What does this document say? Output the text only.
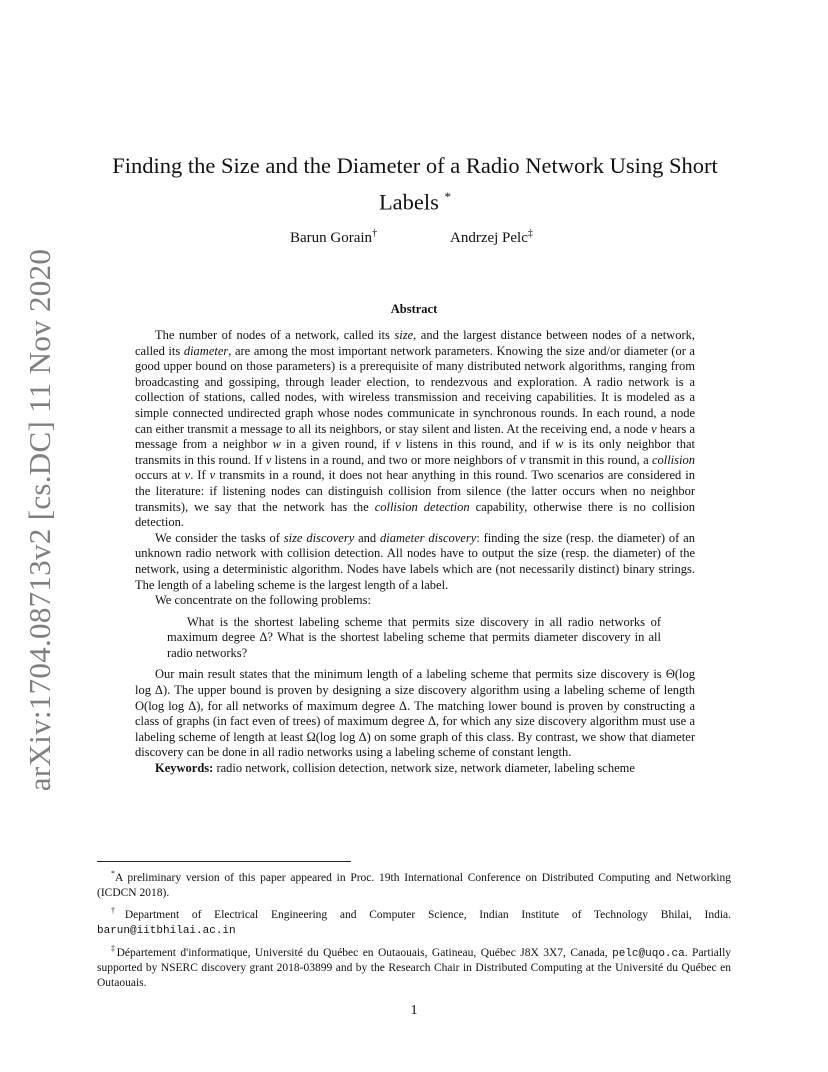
arXiv:1704.08713v2 [cs.DC] 11 Nov 2020
Finding the Size and the Diameter of a Radio Network Using Short Labels *
Barun Gorain†	Andrzej Pelc‡
Abstract

The number of nodes of a network, called its size, and the largest distance between nodes of a network, called its diameter, are among the most important network parameters. Knowing the size and/or diameter (or a good upper bound on those parameters) is a prerequisite of many distributed network algorithms, ranging from broadcasting and gossiping, through leader election, to rendezvous and exploration. A radio network is a collection of stations, called nodes, with wireless transmission and receiving capabilities. It is modeled as a simple connected undirected graph whose nodes communicate in synchronous rounds. In each round, a node can either transmit a message to all its neighbors, or stay silent and listen. At the receiving end, a node v hears a message from a neighbor w in a given round, if v listens in this round, and if w is its only neighbor that transmits in this round. If v listens in a round, and two or more neighbors of v transmit in this round, a collision occurs at v. If v transmits in a round, it does not hear anything in this round. Two scenarios are considered in the literature: if listening nodes can distinguish collision from silence (the latter occurs when no neighbor transmits), we say that the network has the collision detection capability, otherwise there is no collision detection.

We consider the tasks of size discovery and diameter discovery: finding the size (resp. the diameter) of an unknown radio network with collision detection. All nodes have to output the size (resp. the diameter) of the network, using a deterministic algorithm. Nodes have labels which are (not necessarily distinct) binary strings. The length of a labeling scheme is the largest length of a label.

We concentrate on the following problems:

What is the shortest labeling scheme that permits size discovery in all radio networks of maximum degree Δ? What is the shortest labeling scheme that permits diameter discovery in all radio networks?

Our main result states that the minimum length of a labeling scheme that permits size discovery is Θ(log log Δ). The upper bound is proven by designing a size discovery algorithm using a labeling scheme of length O(log log Δ), for all networks of maximum degree Δ. The matching lower bound is proven by constructing a class of graphs (in fact even of trees) of maximum degree Δ, for which any size discovery algorithm must use a labeling scheme of length at least Ω(log log Δ) on some graph of this class. By contrast, we show that diameter discovery can be done in all radio networks using a labeling scheme of constant length.

Keywords: radio network, collision detection, network size, network diameter, labeling scheme

*A preliminary version of this paper appeared in Proc. 19th International Conference on Distributed Computing and Networking (ICDCN 2018).

†Department of Electrical Engineering and Computer Science, Indian Institute of Technology Bhilai, India. barun@iitbhilai.ac.in

‡Département d'informatique, Université du Québec en Outaouais, Gatineau, Québec J8X 3X7, Canada, pelc@uqo.ca. Partially supported by NSERC discovery grant 2018-03899 and by the Research Chair in Distributed Computing at the Université du Québec en Outaouais.

1
